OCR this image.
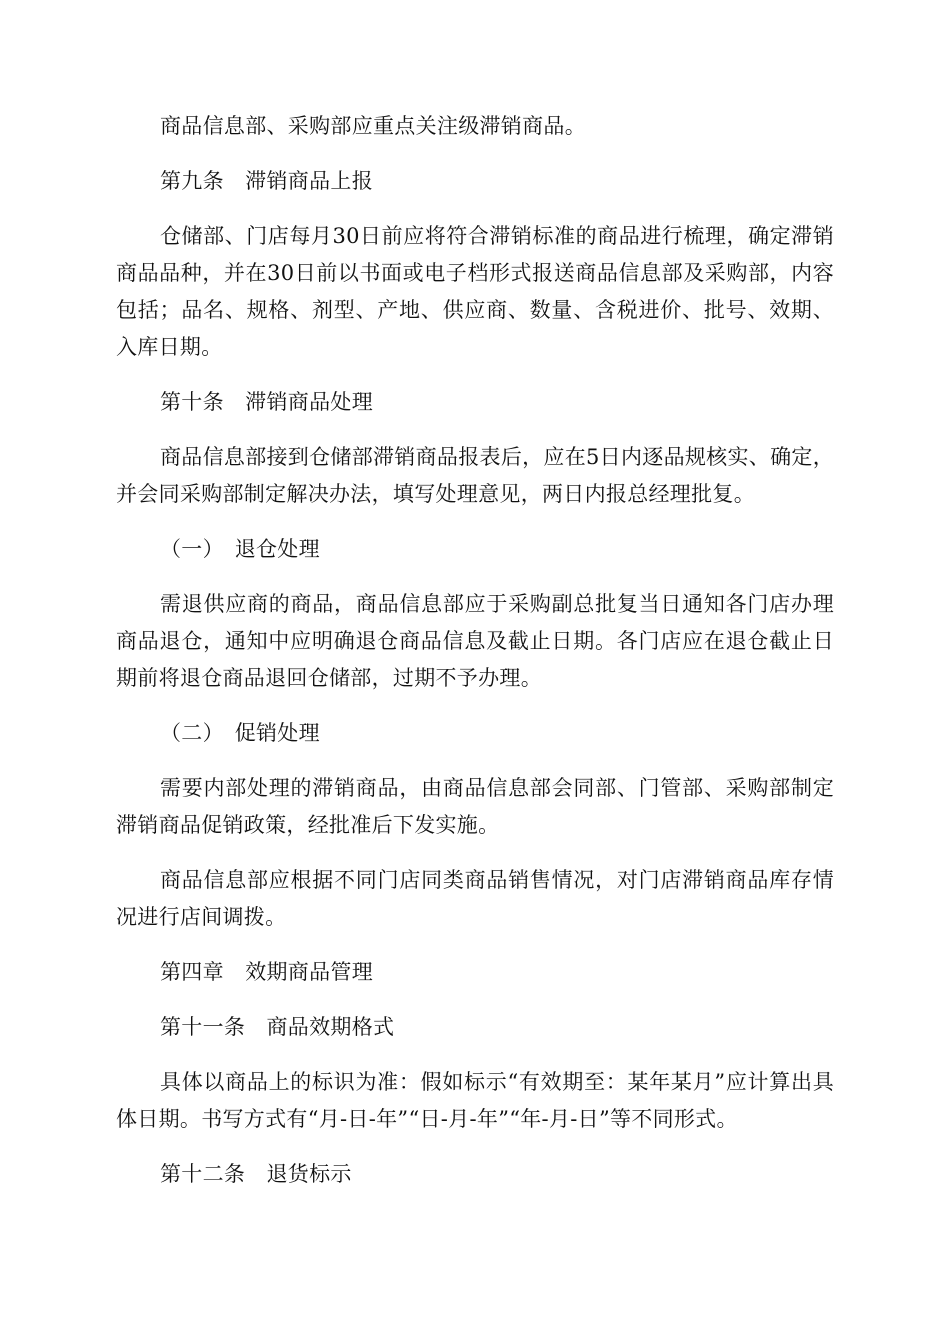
商品信息部、采购部应重点关注级滞销商品。

第九条　滞销商品上报

仓储部、门店每月30日前应将符合滞销标准的商品进行梳理，确定滞销商品品种，并在30日前以书面或电子档形式报送商品信息部及采购部，内容包括；品名、规格、剂型、产地、供应商、数量、含税进价、批号、效期、入库日期。

第十条　滞销商品处理

商品信息部接到仓储部滞销商品报表后，应在5日内逐品规核实、确定，并会同采购部制定解决办法，填写处理意见，两日内报总经理批复。

（一）　退仓处理

需退供应商的商品，商品信息部应于采购副总批复当日通知各门店办理商品退仓，通知中应明确退仓商品信息及截止日期。各门店应在退仓截止日期前将退仓商品退回仓储部，过期不予办理。

（二）　促销处理

需要内部处理的滞销商品，由商品信息部会同部、门管部、采购部制定滞销商品促销政策，经批准后下发实施。

商品信息部应根据不同门店同类商品销售情况，对门店滞销商品库存情况进行店间调拨。

第四章　效期商品管理

第十一条　商品效期格式

具体以商品上的标识为准：假如标示“有效期至：某年某月”应计算出具体日期。书写方式有“月-日-年”“日-月-年”“年-月-日”等不同形式。

第十二条　退货标示
